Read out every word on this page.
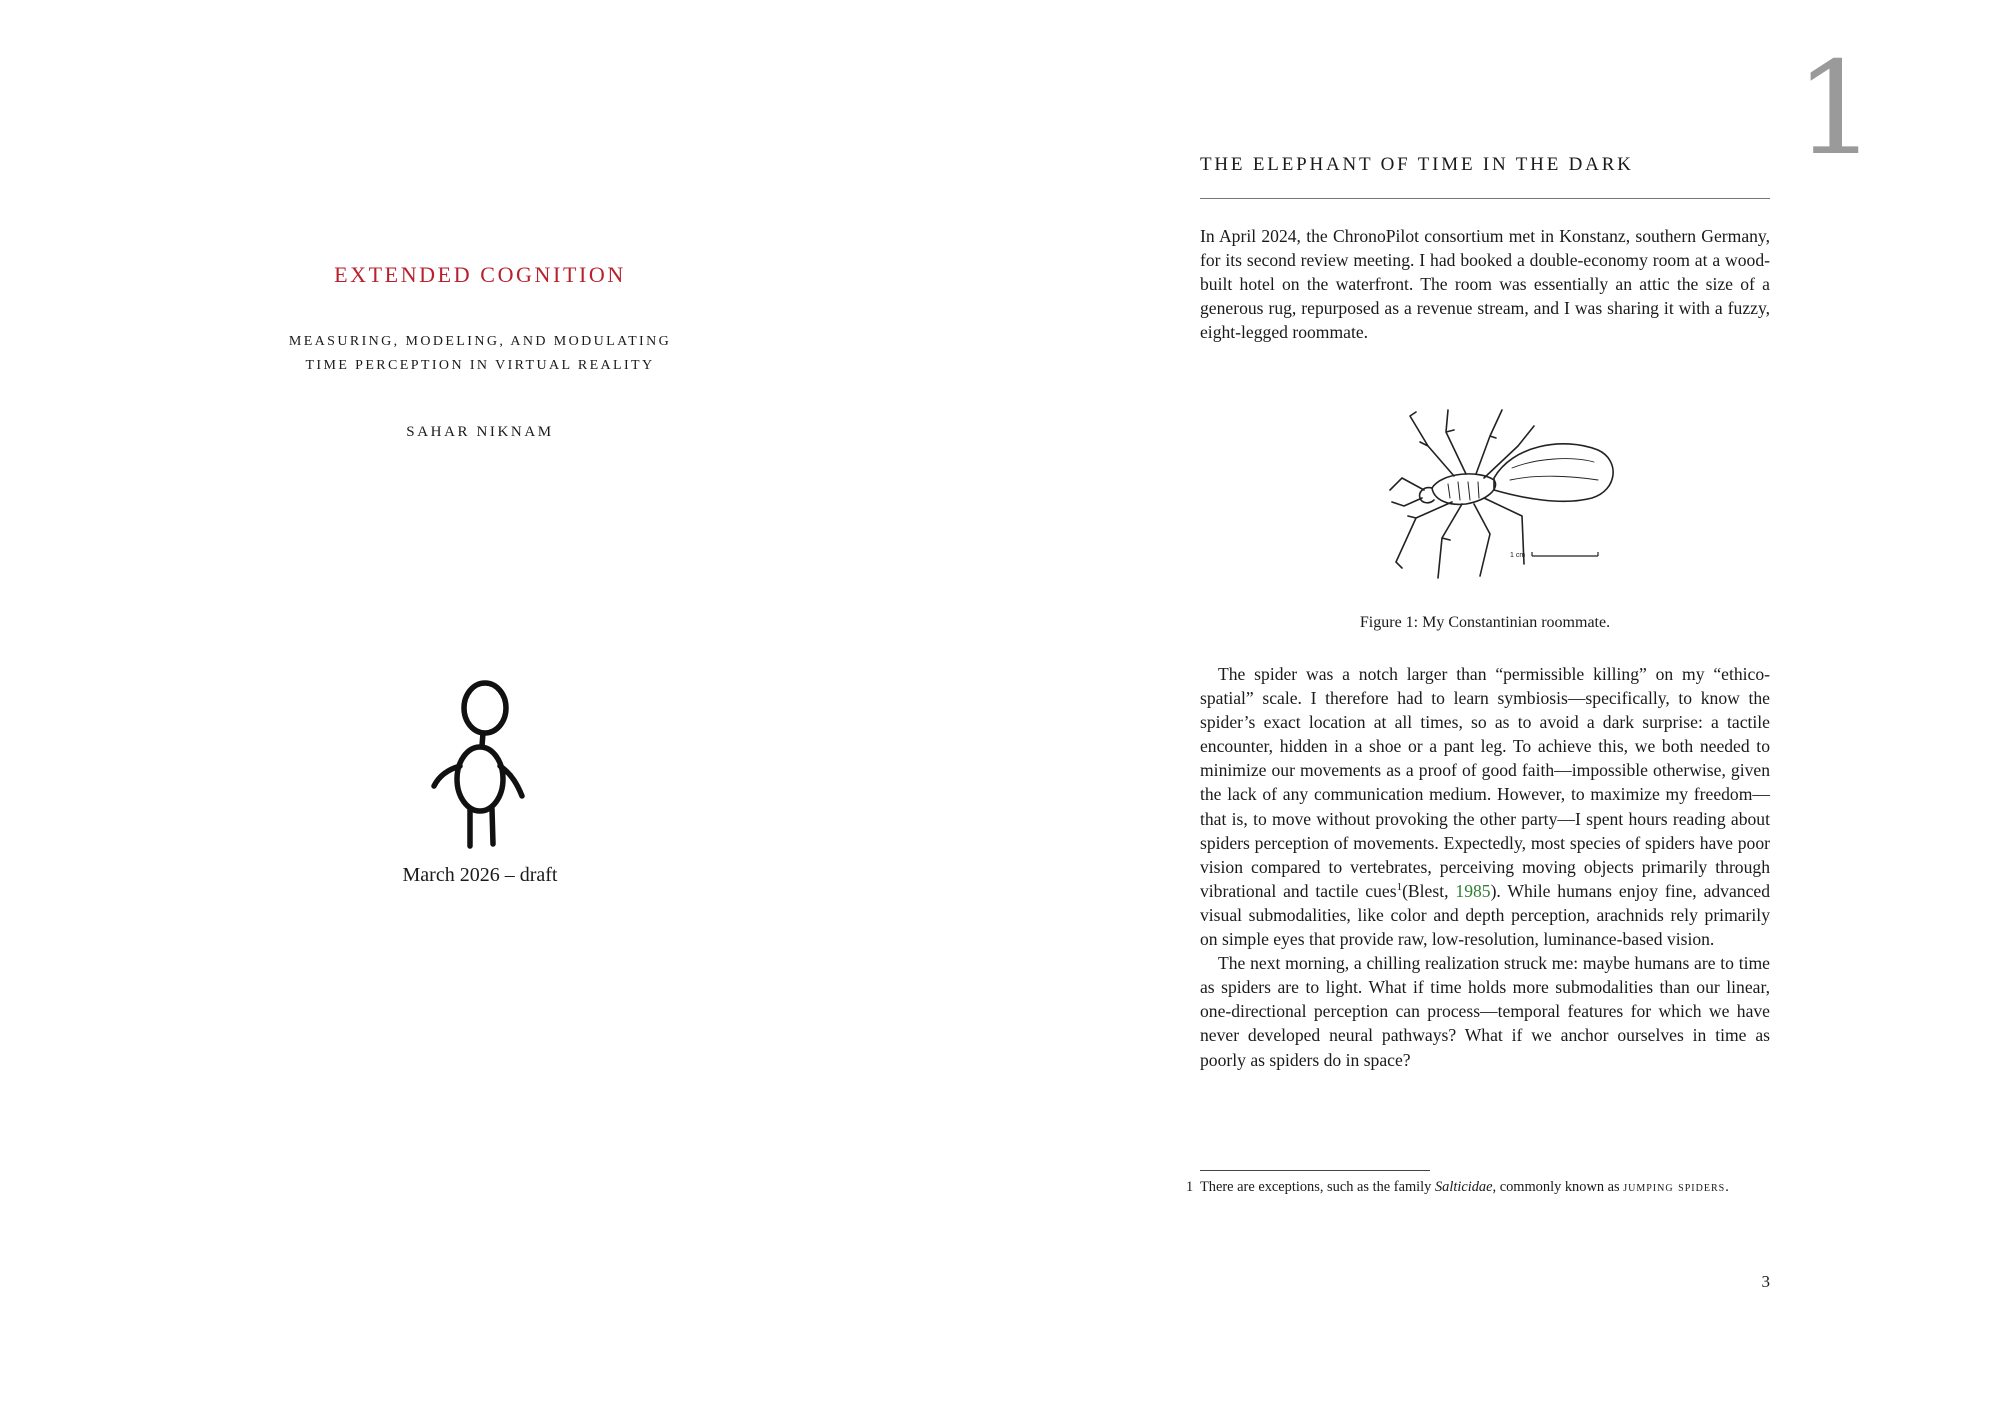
EXTENDED COGNITION
MEASURING, MODELING, AND MODULATING
TIME PERCEPTION IN VIRTUAL REALITY
SAHAR NIKNAM
March 2026 – draft
1
THE ELEPHANT OF TIME IN THE DARK

In April 2024, the ChronoPilot consortium met in Konstanz, southern Germany, for its second review meeting. I had booked a double-economy room at a wood-built hotel on the waterfront. The room was essentially an attic the size of a generous rug, repurposed as a revenue stream, and I was sharing it with a fuzzy, eight-legged roommate.

1 cm
Figure 1: My Constantinian roommate.

The spider was a notch larger than “permissible killing” on my “ethico-spatial” scale. I therefore had to learn symbiosis—specifically, to know the spider’s exact location at all times, so as to avoid a dark surprise: a tactile encounter, hidden in a shoe or a pant leg. To achieve this, we both needed to minimize our movements as a proof of good faith—impossible otherwise, given the lack of any communication medium. However, to maximize my freedom—that is, to move without provoking the other party—I spent hours reading about spiders perception of movements. Expectedly, most species of spiders have poor vision compared to vertebrates, perceiving moving objects primarily through vibrational and tactile cues$^1$(Blest, 1985). While humans enjoy fine, advanced visual submodalities, like color and depth perception, arachnids rely primarily on simple eyes that provide raw, low-resolution, luminance-based vision.

The next morning, a chilling realization struck me: maybe humans are to time as spiders are to light. What if time holds more submodalities than our linear, one-directional perception can process—temporal features for which we have never developed neural pathways? What if we anchor ourselves in time as poorly as spiders do in space?

1 There are exceptions, such as the family Salticidae, commonly known as jumping spiders.
3
